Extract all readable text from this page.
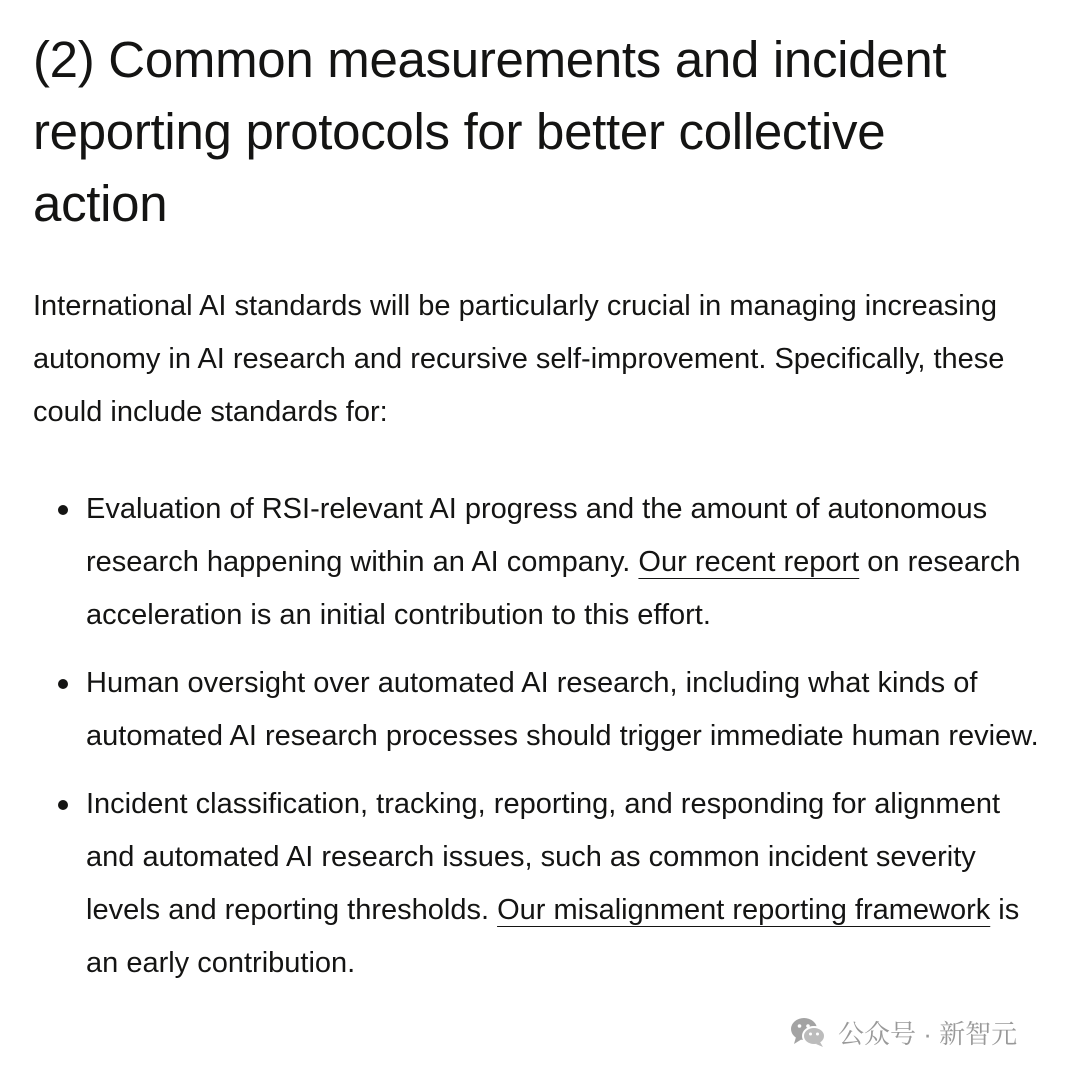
(2) Common measurements and incident reporting protocols for better collective action

International AI standards will be particularly crucial in managing increasing autonomy in AI research and recursive self-improvement. Specifically, these could include standards for:

Evaluation of RSI-relevant AI progress and the amount of autonomous research happening within an AI company. Our recent report on research acceleration is an initial contribution to this effort.
Human oversight over automated AI research, including what kinds of automated AI research processes should trigger immediate human review.
Incident classification, tracking, reporting, and responding for alignment and automated AI research issues, such as common incident severity levels and reporting thresholds. Our misalignment reporting framework is an early contribution.
公众号 · 新智元
